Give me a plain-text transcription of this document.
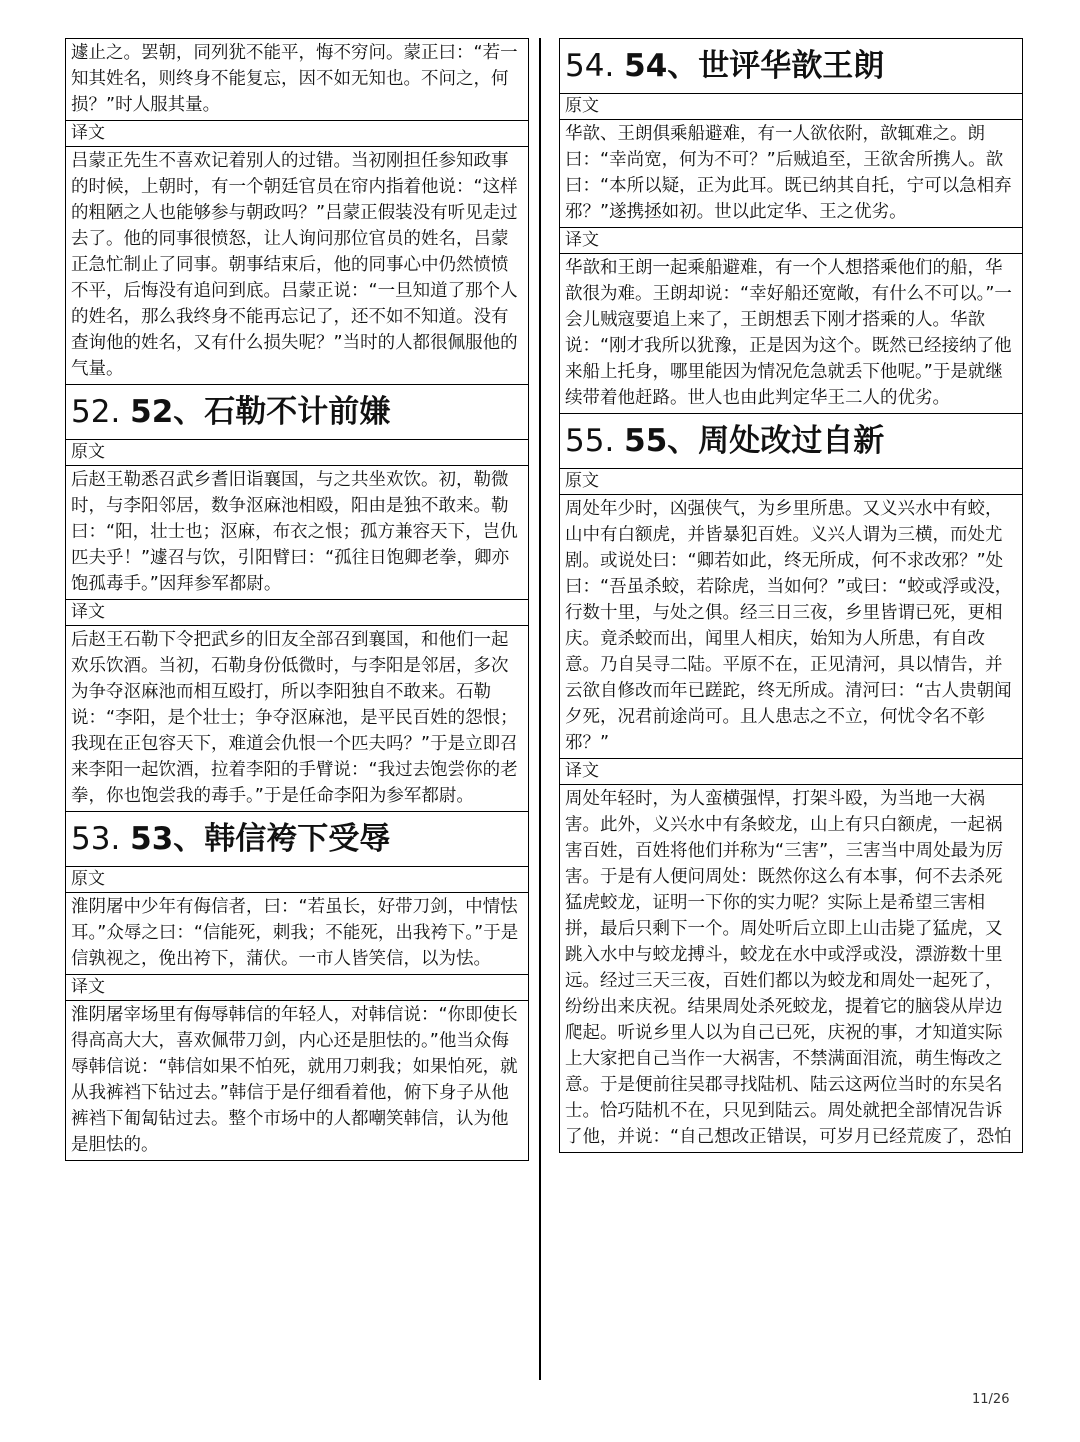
遽止之。罢朝，同列犹不能平，悔不穷问。蒙正曰：“若一知其姓名，则终身不能复忘，因不如无知也。不问之，何损？”时人服其量。
译文
吕蒙正先生不喜欢记着别人的过错。当初刚担任参知政事的时候，上朝时，有一个朝廷官员在帘内指着他说：“这样的粗陋之人也能够参与朝政吗？”吕蒙正假装没有听见走过去了。他的同事很愤怒，让人询问那位官员的姓名，吕蒙正急忙制止了同事。朝事结束后，他的同事心中仍然愤愤不平，后悔没有追问到底。吕蒙正说：“一旦知道了那个人的姓名，那么我终身不能再忘记了，还不如不知道。没有查询他的姓名，又有什么损失呢？”当时的人都很佩服他的气量。
52. 52、石勒不计前嫌
原文
后赵王勒悉召武乡耆旧诣襄国，与之共坐欢饮。初，勒微时，与李阳邻居，数争沤麻池相殴，阳由是独不敢来。勒曰：“阳，壮士也；沤麻，布衣之恨；孤方兼容天下，岂仇匹夫乎！”遽召与饮，引阳臂曰：“孤往日饱卿老拳，卿亦饱孤毒手。”因拜参军都尉。
译文
后赵王石勒下令把武乡的旧友全部召到襄国，和他们一起欢乐饮酒。当初，石勒身份低微时，与李阳是邻居，多次为争夺沤麻池而相互殴打，所以李阳独自不敢来。石勒说：“李阳，是个壮士；争夺沤麻池，是平民百姓的怨恨；我现在正包容天下，难道会仇恨一个匹夫吗？”于是立即召来李阳一起饮酒，拉着李阳的手臂说：“我过去饱尝你的老拳，你也饱尝我的毒手。”于是任命李阳为参军都尉。
53. 53、韩信袴下受辱
原文
淮阴屠中少年有侮信者，曰：“若虽长，好带刀剑，中情怯耳。”众辱之曰：“信能死，刺我；不能死，出我袴下。”于是信孰视之，俛出袴下，蒲伏。一市人皆笑信，以为怯。
译文
淮阴屠宰场里有侮辱韩信的年轻人，对韩信说：“你即使长得高高大大，喜欢佩带刀剑，内心还是胆怯的。”他当众侮辱韩信说：“韩信如果不怕死，就用刀刺我；如果怕死，就从我裤裆下钻过去。”韩信于是仔细看着他，俯下身子从他裤裆下匍匐钻过去。整个市场中的人都嘲笑韩信，认为他是胆怯的。
54. 54、世评华歆王朗
原文
华歆、王朗俱乘船避难，有一人欲依附，歆辄难之。朗曰：“幸尚宽，何为不可？”后贼追至，王欲舍所携人。歆曰：“本所以疑，正为此耳。既已纳其自托，宁可以急相弃邪？”遂携拯如初。世以此定华、王之优劣。
译文
华歆和王朗一起乘船避难，有一个人想搭乘他们的船，华歆很为难。王朗却说：“幸好船还宽敞，有什么不可以。”一会儿贼寇要追上来了，王朗想丢下刚才搭乘的人。华歆说：“刚才我所以犹豫，正是因为这个。既然已经接纳了他来船上托身，哪里能因为情况危急就丢下他呢。”于是就继续带着他赶路。世人也由此判定华王二人的优劣。
55. 55、周处改过自新
原文
周处年少时，凶强侠气，为乡里所患。又义兴水中有蛟，山中有白额虎，并皆暴犯百姓。义兴人谓为三横，而处尤剧。或说处曰：“卿若如此，终无所成，何不求改邪？”处曰：“吾虽杀蛟，若除虎，当如何？”或曰：“蛟或浮或没，行数十里，与处之俱。经三日三夜，乡里皆谓已死，更相庆。竟杀蛟而出，闻里人相庆，始知为人所患，有自改意。乃自吴寻二陆。平原不在，正见清河，具以情告，并云欲自修改而年已蹉跎，终无所成。清河曰：“古人贵朝闻夕死，况君前途尚可。且人患志之不立，何忧令名不彰邪？”
译文
周处年轻时，为人蛮横强悍，打架斗殴，为当地一大祸害。此外，义兴水中有条蛟龙，山上有只白额虎，一起祸害百姓，百姓将他们并称为“三害”，三害当中周处最为厉害。于是有人便问周处：既然你这么有本事，何不去杀死猛虎蛟龙，证明一下你的实力呢？实际上是希望三害相拼，最后只剩下一个。周处听后立即上山击毙了猛虎，又跳入水中与蛟龙搏斗，蛟龙在水中或浮或没，漂游数十里远。经过三天三夜，百姓们都以为蛟龙和周处一起死了，纷纷出来庆祝。结果周处杀死蛟龙，提着它的脑袋从岸边爬起。听说乡里人以为自己已死，庆祝的事，才知道实际上大家把自己当作一大祸害，不禁满面泪流，萌生悔改之意。于是便前往吴郡寻找陆机、陆云这两位当时的东吴名士。恰巧陆机不在，只见到陆云。周处就把全部情况告诉了他，并说：“自己想改正错误，可岁月已经荒废了，恐怕
11/26
